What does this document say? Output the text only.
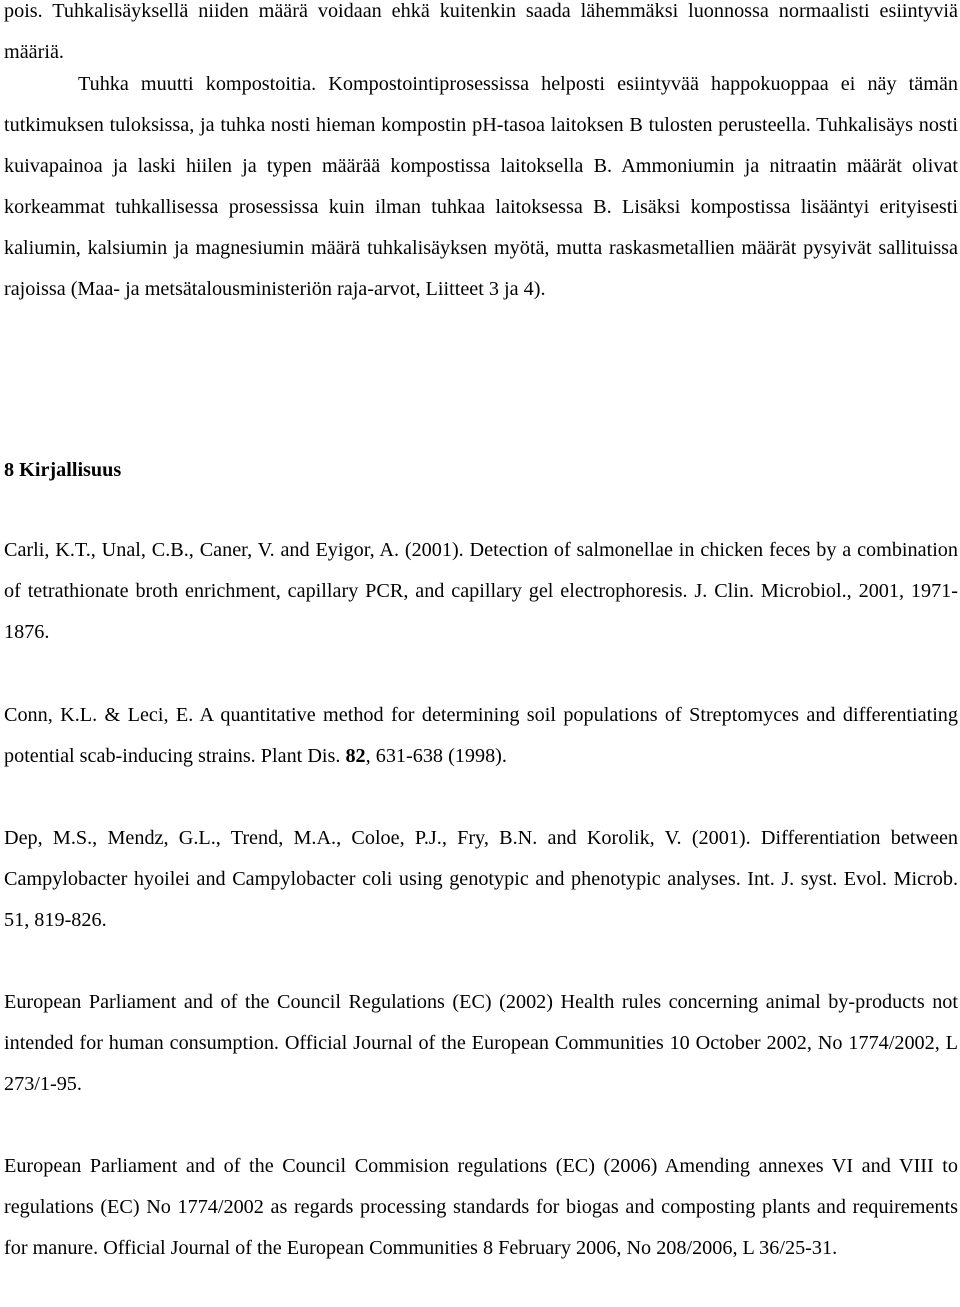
pois. Tuhkalisäyksellä niiden määrä voidaan ehkä kuitenkin saada lähemmäksi luonnossa normaalisti esiintyviä määriä.

Tuhka muutti kompostoitia. Kompostointiprosessissa helposti esiintyvää happokuoppaa ei näy tämän tutkimuksen tuloksissa, ja tuhka nosti hieman kompostin pH-tasoa laitoksen B tulosten perusteella. Tuhkalisäys nosti kuivapainoa ja laski hiilen ja typen määrää kompostissa laitoksella B. Ammoniumin ja nitraatin määrät olivat korkeammat tuhkallisessa prosessissa kuin ilman tuhkaa laitoksessa B. Lisäksi kompostissa lisääntyi erityisesti kaliumin, kalsiumin ja magnesiumin määrä tuhkalisäyksen myötä, mutta raskasmetallien määrät pysyivät sallituissa rajoissa (Maa- ja metsätalousministeriön raja-arvot, Liitteet 3 ja 4).

8 Kirjallisuus

Carli, K.T., Unal, C.B., Caner, V. and Eyigor, A. (2001). Detection of salmonellae in chicken feces by a combination of tetrathionate broth enrichment, capillary PCR, and capillary gel electrophoresis. J. Clin. Microbiol., 2001, 1971-1876.

Conn, K.L. & Leci, E. A quantitative method for determining soil populations of Streptomyces and differentiating potential scab-inducing strains. Plant Dis. 82, 631-638 (1998).

Dep, M.S., Mendz, G.L., Trend, M.A., Coloe, P.J., Fry, B.N. and Korolik, V. (2001). Differentiation between Campylobacter hyoilei and Campylobacter coli using genotypic and phenotypic analyses. Int. J. syst. Evol. Microb. 51, 819-826.

European Parliament and of the Council Regulations (EC) (2002) Health rules concerning animal by-products not intended for human consumption. Official Journal of the European Communities 10 October 2002, No 1774/2002, L 273/1-95.

European Parliament and of the Council Commision regulations (EC) (2006) Amending annexes VI and VIII to regulations (EC) No 1774/2002 as regards processing standards for biogas and composting plants and requirements for manure. Official Journal of the European Communities 8 February 2006, No 208/2006, L 36/25-31.
